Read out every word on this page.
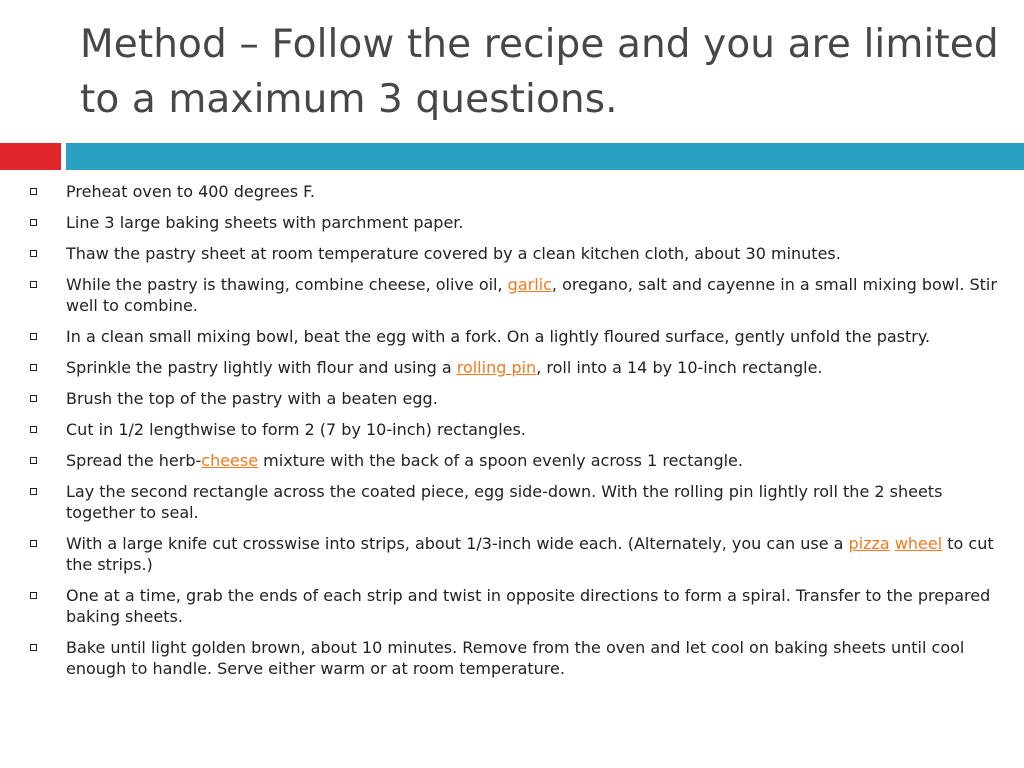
Method – Follow the recipe and you are limited to a maximum 3 questions.
Preheat oven to 400 degrees F.
Line 3 large baking sheets with parchment paper.
Thaw the pastry sheet at room temperature covered by a clean kitchen cloth, about 30 minutes.
While the pastry is thawing, combine cheese, olive oil, garlic, oregano, salt and cayenne in a small mixing bowl. Stir well to combine.
In a clean small mixing bowl, beat the egg with a fork. On a lightly floured surface, gently unfold the pastry.
Sprinkle the pastry lightly with flour and using a rolling pin, roll into a 14 by 10-inch rectangle.
Brush the top of the pastry with a beaten egg.
Cut in 1/2 lengthwise to form 2 (7 by 10-inch) rectangles.
Spread the herb-cheese mixture with the back of a spoon evenly across 1 rectangle.
Lay the second rectangle across the coated piece, egg side-down. With the rolling pin lightly roll the 2 sheets together to seal.
With a large knife cut crosswise into strips, about 1/3-inch wide each. (Alternately, you can use a pizza wheel to cut the strips.)
One at a time, grab the ends of each strip and twist in opposite directions to form a spiral. Transfer to the prepared baking sheets.
Bake until light golden brown, about 10 minutes. Remove from the oven and let cool on baking sheets until cool enough to handle. Serve either warm or at room temperature.
